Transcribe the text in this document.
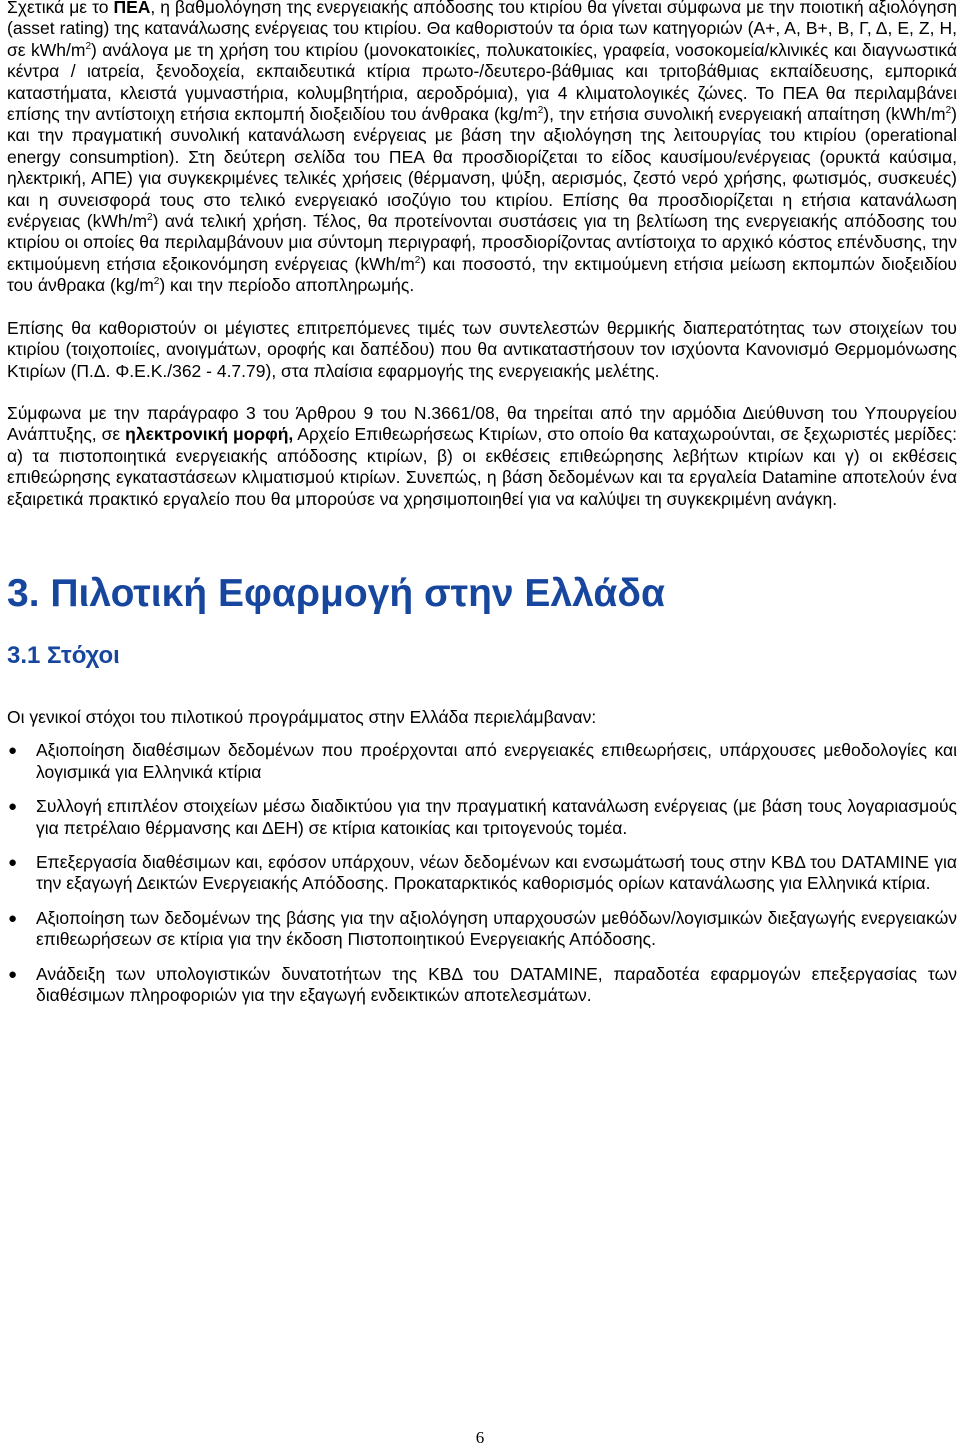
Σχετικά με το ΠΕΑ, η βαθμολόγηση της ενεργειακής απόδοσης του κτιρίου θα γίνεται σύμφωνα με την ποιοτική αξιολόγηση (asset rating) της κατανάλωσης ενέργειας του κτιρίου. Θα καθοριστούν τα όρια των κατηγοριών (Α+, Α, Β+, Β, Γ, Δ, Ε, Ζ, Η, σε kWh/$m^2$) ανάλογα με τη χρήση του κτιρίου (μονοκατοικίες, πολυκατοικίες, γραφεία, νοσοκομεία/κλινικές και διαγνωστικά κέντρα / ιατρεία, ξενοδοχεία, εκπαιδευτικά κτίρια πρωτο-/δευτερο-βάθμιας και τριτοβάθμιας εκπαίδευσης, εμπορικά καταστήματα, κλειστά γυμναστήρια, κολυμβητήρια, αεροδρόμια), για 4 κλιματολογικές ζώνες. Το ΠΕΑ θα περιλαμβάνει επίσης την αντίστοιχη ετήσια εκπομπή διοξειδίου του άνθρακα $(kg/m^2)$, την ετήσια συνολική ενεργειακή απαίτηση $(kWh/m^2)$ και την πραγματική συνολική κατανάλωση ενέργειας με βάση την αξιολόγηση της λειτουργίας του κτιρίου (operational energy consumption). Στη δεύτερη σελίδα του ΠΕΑ θα προσδιορίζεται το είδος καυσίμου/ενέργειας (ορυκτά καύσιμα, ηλεκτρική, ΑΠΕ) για συγκεκριμένες τελικές χρήσεις (θέρμανση, ψύξη, αερισμός, ζεστό νερό χρήσης, φωτισμός, συσκευές) και η συνεισφορά τους στο τελικό ενεργειακό ισοζύγιο του κτιρίου. Επίσης θα προσδιορίζεται η ετήσια κατανάλωση ενέργειας $(kWh/m^2)$ ανά τελική χρήση. Τέλος, θα προτείνονται συστάσεις για τη βελτίωση της ενεργειακής απόδοσης του κτιρίου οι οποίες θα περιλαμβάνουν μια σύντομη περιγραφή, προσδιορίζοντας αντίστοιχα το αρχικό κόστος επένδυσης, την εκτιμούμενη ετήσια εξοικονόμηση ενέργειας $(kWh/m^2)$ και ποσοστό, την εκτιμούμενη ετήσια μείωση εκπομπών διοξειδίου του άνθρακα $(kg/m^2)$ και την περίοδο αποπληρωμής.

Επίσης θα καθοριστούν οι μέγιστες επιτρεπόμενες τιμές των συντελεστών θερμικής διαπερατότητας των στοιχείων του κτιρίου (τοιχοποιίες, ανοιγμάτων, οροφής και δαπέδου) που θα αντικαταστήσουν τον ισχύοντα Κανονισμό Θερμομόνωσης Κτιρίων (Π.Δ. Φ.Ε.Κ./362 - 4.7.79), στα πλαίσια εφαρμογής της ενεργειακής μελέτης.

Σύμφωνα με την παράγραφο 3 του Άρθρου 9 του Ν.3661/08, θα τηρείται από την αρμόδια Διεύθυνση του Υπουργείου Ανάπτυξης, σε ηλεκτρονική μορφή, Αρχείο Επιθεωρήσεως Κτιρίων, στο οποίο θα καταχωρούνται, σε ξεχωριστές μερίδες: α) τα πιστοποιητικά ενεργειακής απόδοσης κτιρίων, β) οι εκθέσεις επιθεώρησης λεβήτων κτιρίων και γ) οι εκθέσεις επιθεώρησης εγκαταστάσεων κλιματισμού κτιρίων. Συνεπώς, η βάση δεδομένων και τα εργαλεία Datamine αποτελούν ένα εξαιρετικά πρακτικό εργαλείο που θα μπορούσε να χρησιμοποιηθεί για να καλύψει τη συγκεκριμένη ανάγκη.

3. Πιλοτική Εφαρμογή στην Ελλάδα
3.1 Στόχοι

Οι γενικοί στόχοι του πιλοτικού προγράμματος στην Ελλάδα περιελάμβαναν:

● Αξιοποίηση διαθέσιμων δεδομένων που προέρχονται από ενεργειακές επιθεωρήσεις, υπάρχουσες μεθοδολογίες και λογισμικά για Ελληνικά κτίρια
● Συλλογή επιπλέον στοιχείων μέσω διαδικτύου για την πραγματική κατανάλωση ενέργειας (με βάση τους λογαριασμούς για πετρέλαιο θέρμανσης και ΔΕΗ) σε κτίρια κατοικίας και τριτογενούς τομέα.
● Επεξεργασία διαθέσιμων και, εφόσον υπάρχουν, νέων δεδομένων και ενσωμάτωσή τους στην ΚΒΔ του DATAMINE για την εξαγωγή Δεικτών Ενεργειακής Απόδοσης. Προκαταρκτικός καθορισμός ορίων κατανάλωσης για Ελληνικά κτίρια.
● Αξιοποίηση των δεδομένων της βάσης για την αξιολόγηση υπαρχουσών μεθόδων/λογισμικών διεξαγωγής ενεργειακών επιθεωρήσεων σε κτίρια για την έκδοση Πιστοποιητικού Ενεργειακής Απόδοσης.
● Ανάδειξη των υπολογιστικών δυνατοτήτων της ΚΒΔ του DATAMINE, παραδοτέα εφαρμογών επεξεργασίας των διαθέσιμων πληροφοριών για την εξαγωγή ενδεικτικών αποτελεσμάτων.
6
